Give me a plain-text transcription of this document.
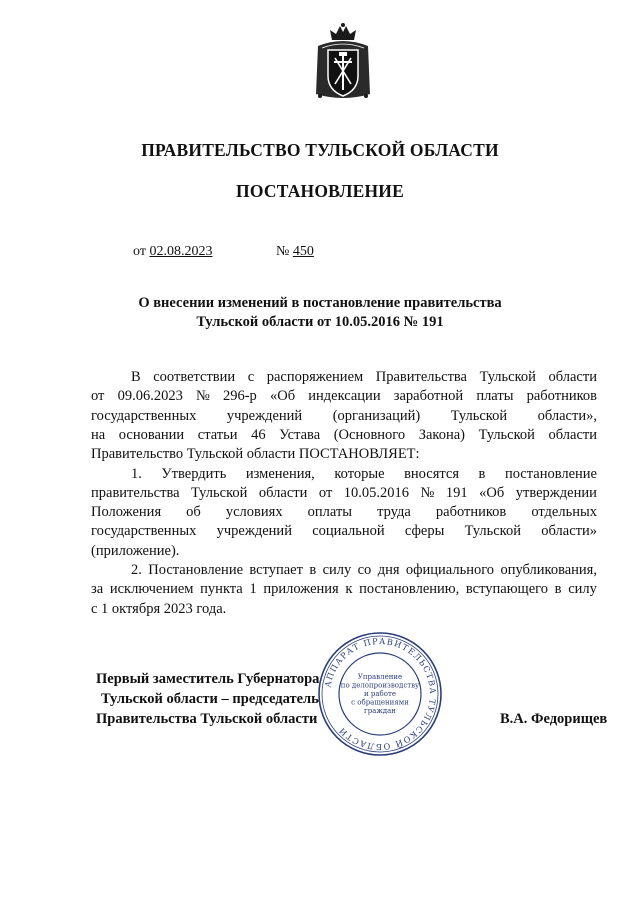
ПРАВИТЕЛЬСТВО ТУЛЬСКОЙ ОБЛАСТИ
ПОСТАНОВЛЕНИЕ
от 02.08.2023	№ 450
О внесении изменений в постановление правительства
Тульской области от 10.05.2016 № 191
В соответствии с распоряжением Правительства Тульской области
от 09.06.2023 № 296-р «Об индексации заработной платы работников
государственных учреждений (организаций) Тульской области»,
на основании статьи 46 Устава (Основного Закона) Тульской области
Правительство Тульской области ПОСТАНОВЛЯЕТ:
1. Утвердить изменения, которые вносятся в постановление
правительства Тульской области от 10.05.2016 № 191 «Об утверждении
Положения об условиях оплаты труда работников отдельных
государственных учреждений социальной сферы Тульской области»
(приложение).
2. Постановление вступает в силу со дня официального опубликования,
за исключением пункта 1 приложения к постановлению, вступающего в силу
с 1 октября 2023 года.
Первый заместитель Губернатора
Тульской области – председатель
Правительства Тульской области	В.А. Федорищев
АППАРАТ ПРАВИТЕЛЬСТВА ТУЛЬСКОЙ ОБЛАСТИ
Управление
по делопроизводству
и работе
с обращениями
граждан
